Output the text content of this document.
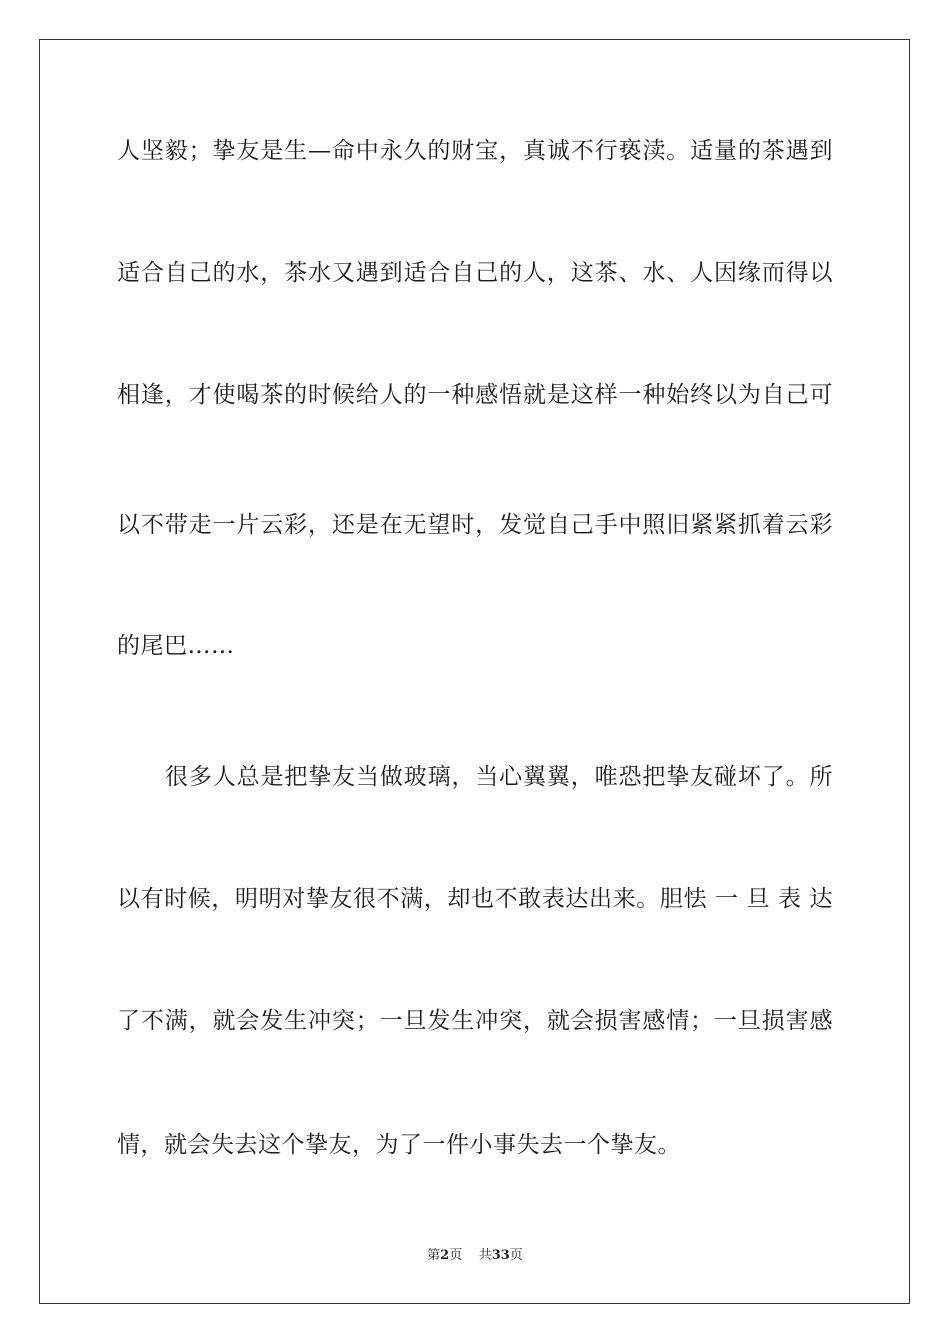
人坚毅；挚友是生—命中永久的财宝，真诚不行亵渎。适量的茶遇到
适合自己的水，茶水又遇到适合自己的人，这茶、水、人因缘而得以
相逢，才使喝茶的时候给人的一种感悟就是这样一种始终以为自己可
以不带走一片云彩，还是在无望时，发觉自己手中照旧紧紧抓着云彩
的尾巴……
很多人总是把挚友当做玻璃，当心翼翼，唯恐把挚友碰坏了。所
以有时候，明明对挚友很不满，却也不敢表达出来。胆怯 一 旦 表 达
了不满，就会发生冲突；一旦发生冲突，就会损害感情；一旦损害感
情，就会失去这个挚友，为了一件小事失去一个挚友。
第2页 共33页
